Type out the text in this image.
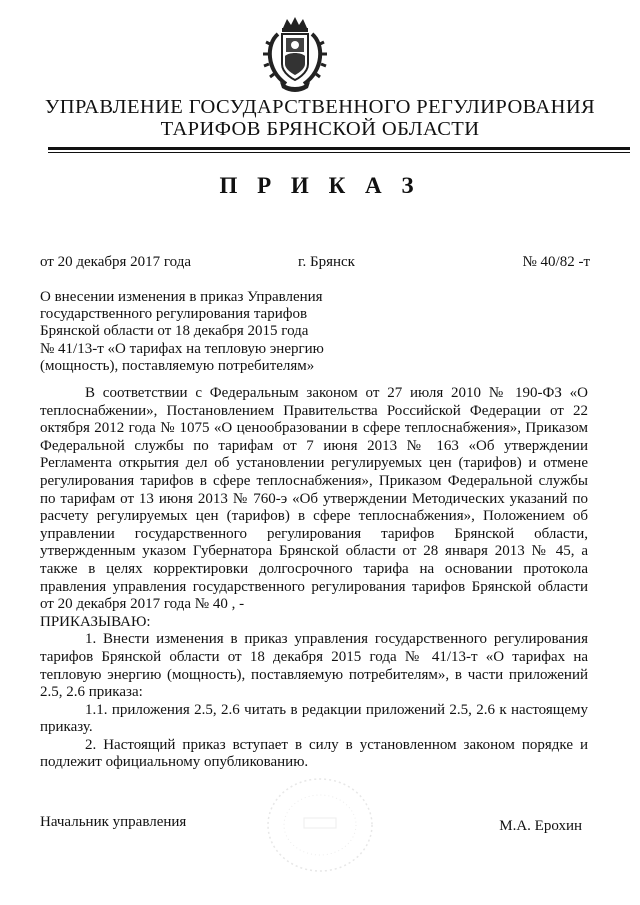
УПРАВЛЕНИЕ ГОСУДАРСТВЕННОГО РЕГУЛИРОВАНИЯ
ТАРИФОВ БРЯНСКОЙ ОБЛАСТИ
П Р И К А З
от 20 декабря 2017 года	г. Брянск	№ 40/82 -т
О внесении изменения в приказ Управления
государственного регулирования тарифов
Брянской области от 18 декабря 2015 года
№ 41/13-т «О тарифах на тепловую энергию
(мощность), поставляемую потребителям»

В соответствии с Федеральным законом от 27 июля 2010 № 190-ФЗ «О теплоснабжении», Постановлением Правительства Российской Федерации от 22 октября 2012 года № 1075 «О ценообразовании в сфере теплоснабжения», Приказом Федеральной службы по тарифам от 7 июня 2013 № 163 «Об утверждении Регламента открытия дел об установлении регулируемых цен (тарифов) и отмене регулирования тарифов в сфере теплоснабжения», Приказом Федеральной службы по тарифам от 13 июня 2013 № 760-э «Об утверждении Методических указаний по расчету регулируемых цен (тарифов) в сфере теплоснабжения», Положением об управлении государственного регулирования тарифов Брянской области, утвержденным указом Губернатора Брянской области от 28 января 2013 № 45, а также в целях корректировки долгосрочного тарифа на основании протокола правления управления государственного регулирования тарифов Брянской области от 20 декабря 2017 года № 40 , -

ПРИКАЗЫВАЮ:

1. Внести изменения в приказ управления государственного регулирования тарифов Брянской области от 18 декабря 2015 года № 41/13-т «О тарифах на тепловую энергию (мощность), поставляемую потребителям», в части приложений 2.5, 2.6 приказа:

1.1. приложения 2.5, 2.6 читать в редакции приложений 2.5, 2.6 к настоящему приказу.

2. Настоящий приказ вступает в силу в установленном законом порядке и подлежит официальному опубликованию.

Начальник управления	М.А. Ерохин
